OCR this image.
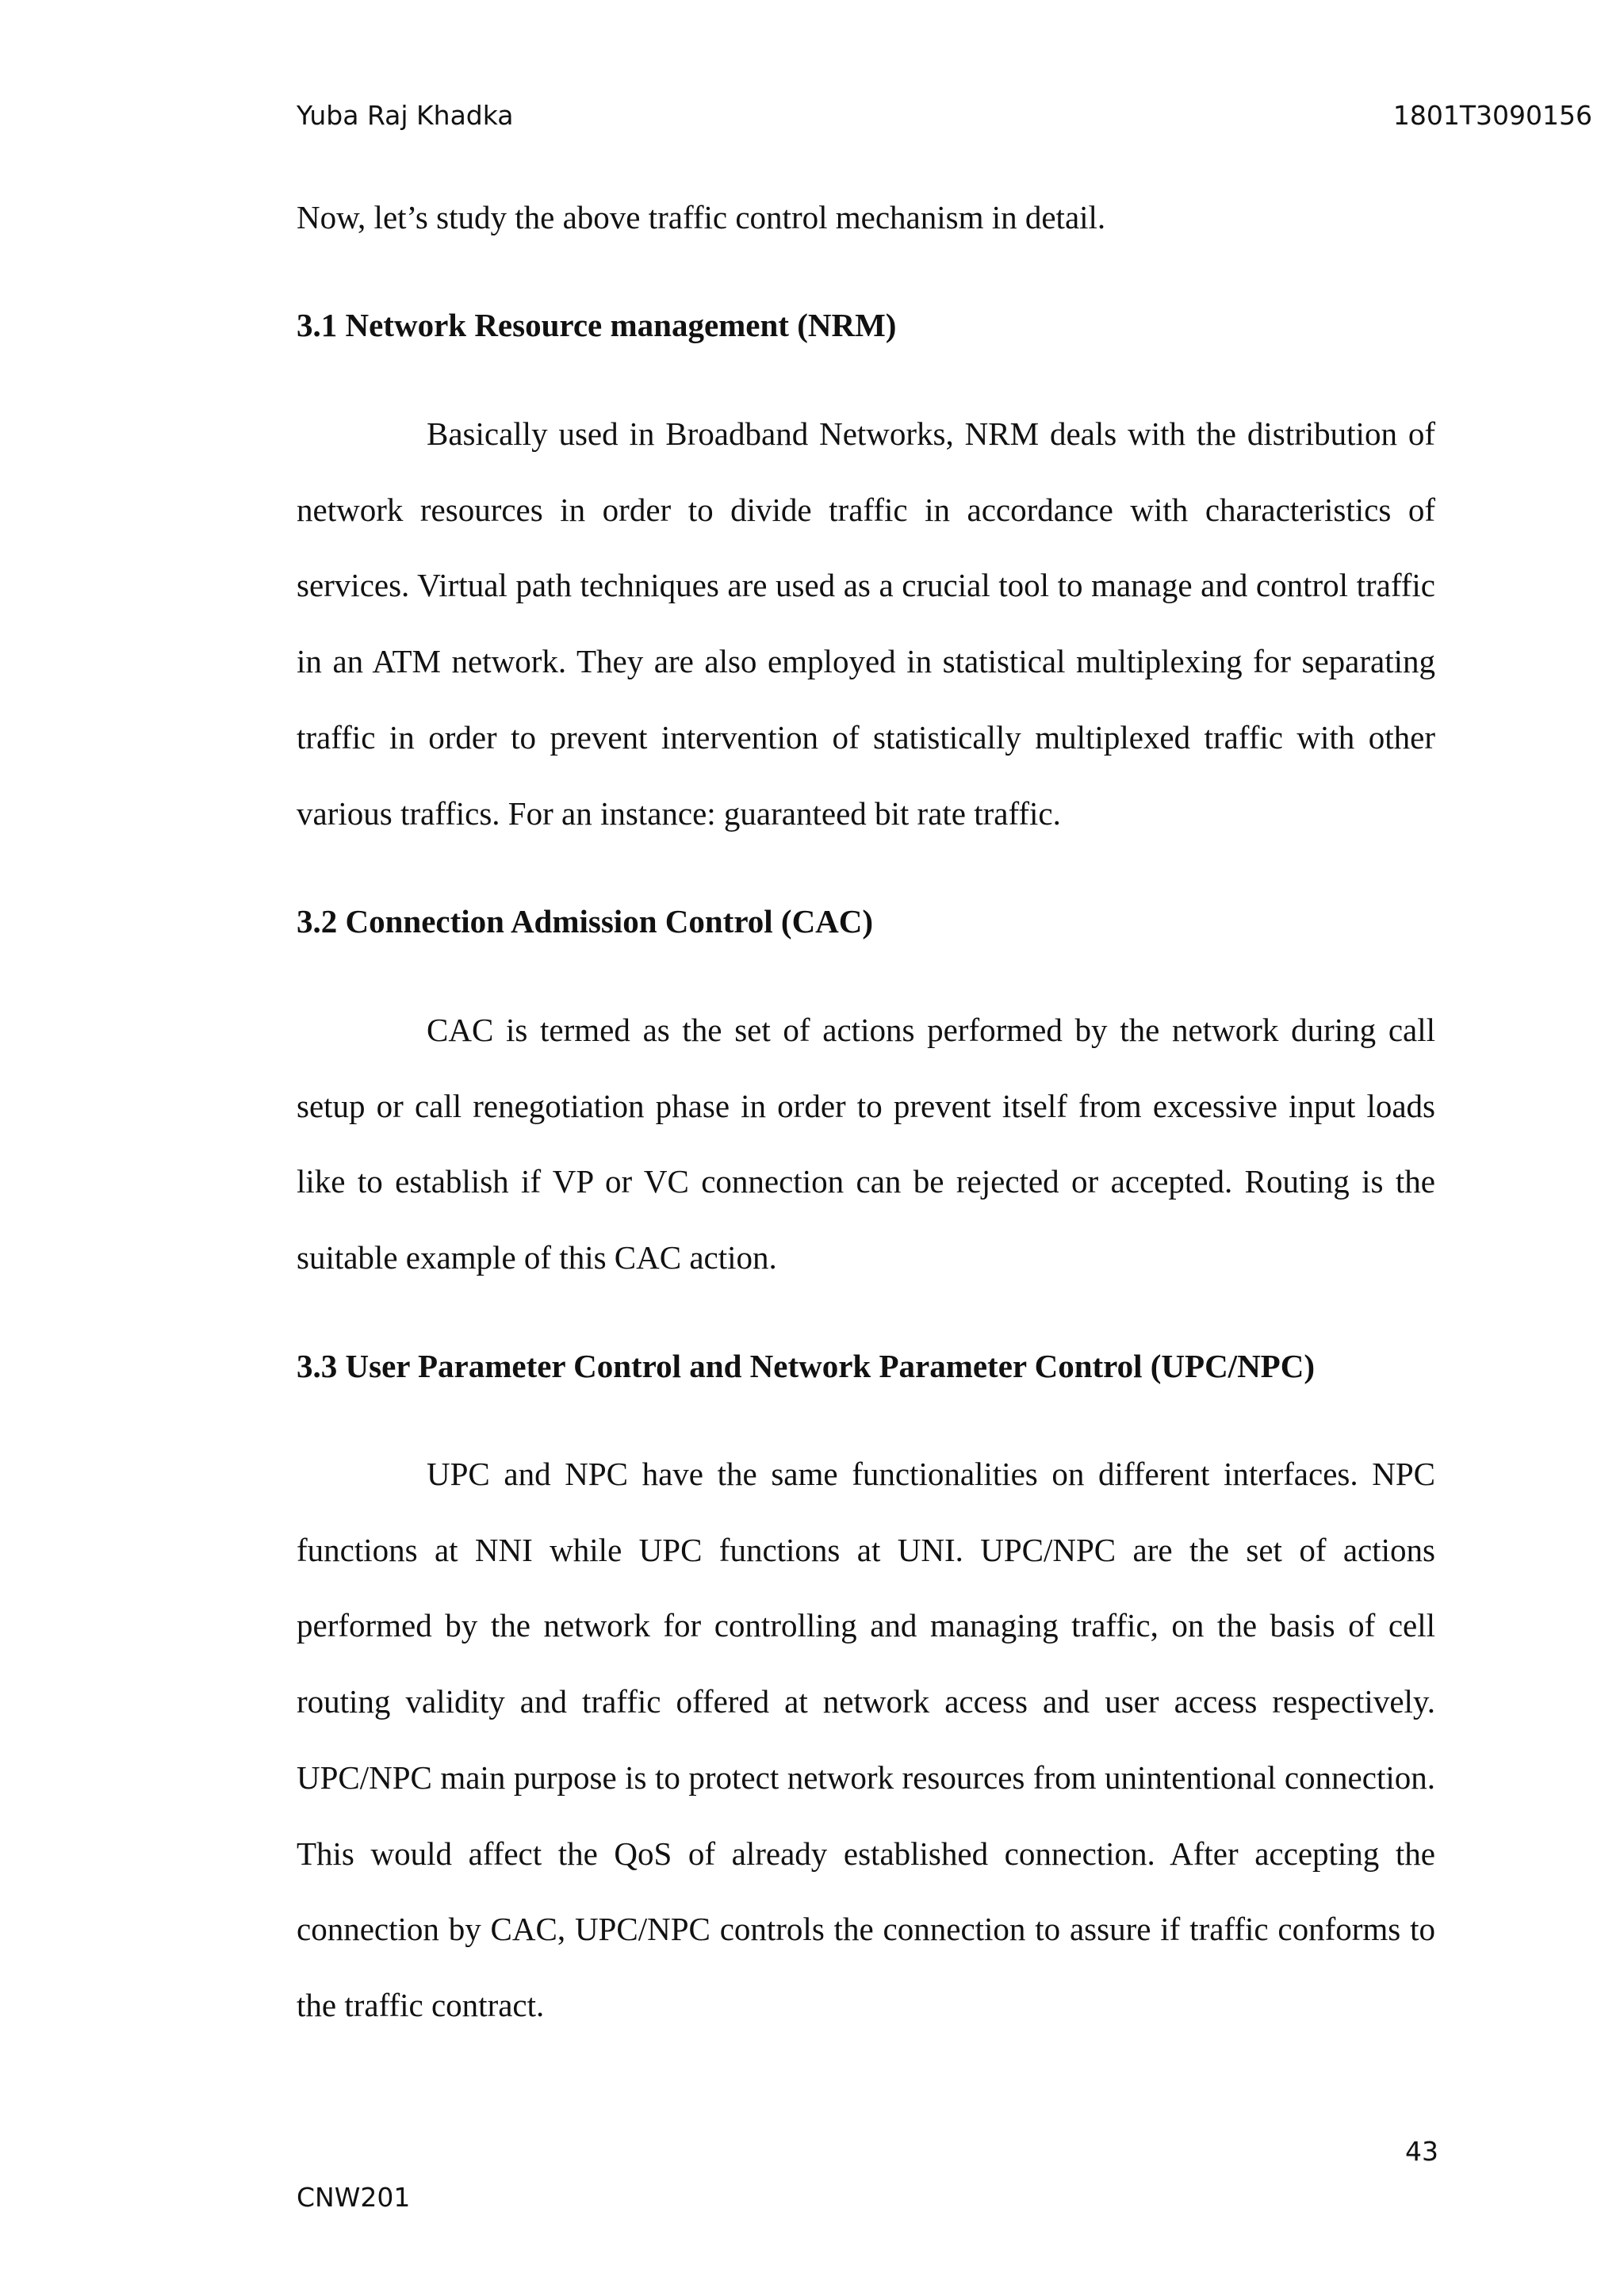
Yuba Raj Khadka	1801T3090156

Now, let’s study the above traffic control mechanism in detail.

3.1 Network Resource management (NRM)

Basically used in Broadband Networks, NRM deals with the distribution of network resources in order to divide traffic in accordance with characteristics of services. Virtual path techniques are used as a crucial tool to manage and control traffic in an ATM network. They are also employed in statistical multiplexing for separating traffic in order to prevent intervention of statistically multiplexed traffic with other various traffics. For an instance: guaranteed bit rate traffic.

3.2 Connection Admission Control (CAC)

CAC is termed as the set of actions performed by the network during call setup or call renegotiation phase in order to prevent itself from excessive input loads like to establish if VP or VC connection can be rejected or accepted. Routing is the suitable example of this CAC action.

3.3 User Parameter Control and Network Parameter Control (UPC/NPC)

UPC and NPC have the same functionalities on different interfaces. NPC functions at NNI while UPC functions at UNI. UPC/NPC are the set of actions performed by the network for controlling and managing traffic, on the basis of cell routing validity and traffic offered at network access and user access respectively. UPC/NPC main purpose is to protect network resources from unintentional connection. This would affect the QoS of already established connection. After accepting the connection by CAC, UPC/NPC controls the connection to assure if traffic conforms to the traffic contract.

43
CNW201
